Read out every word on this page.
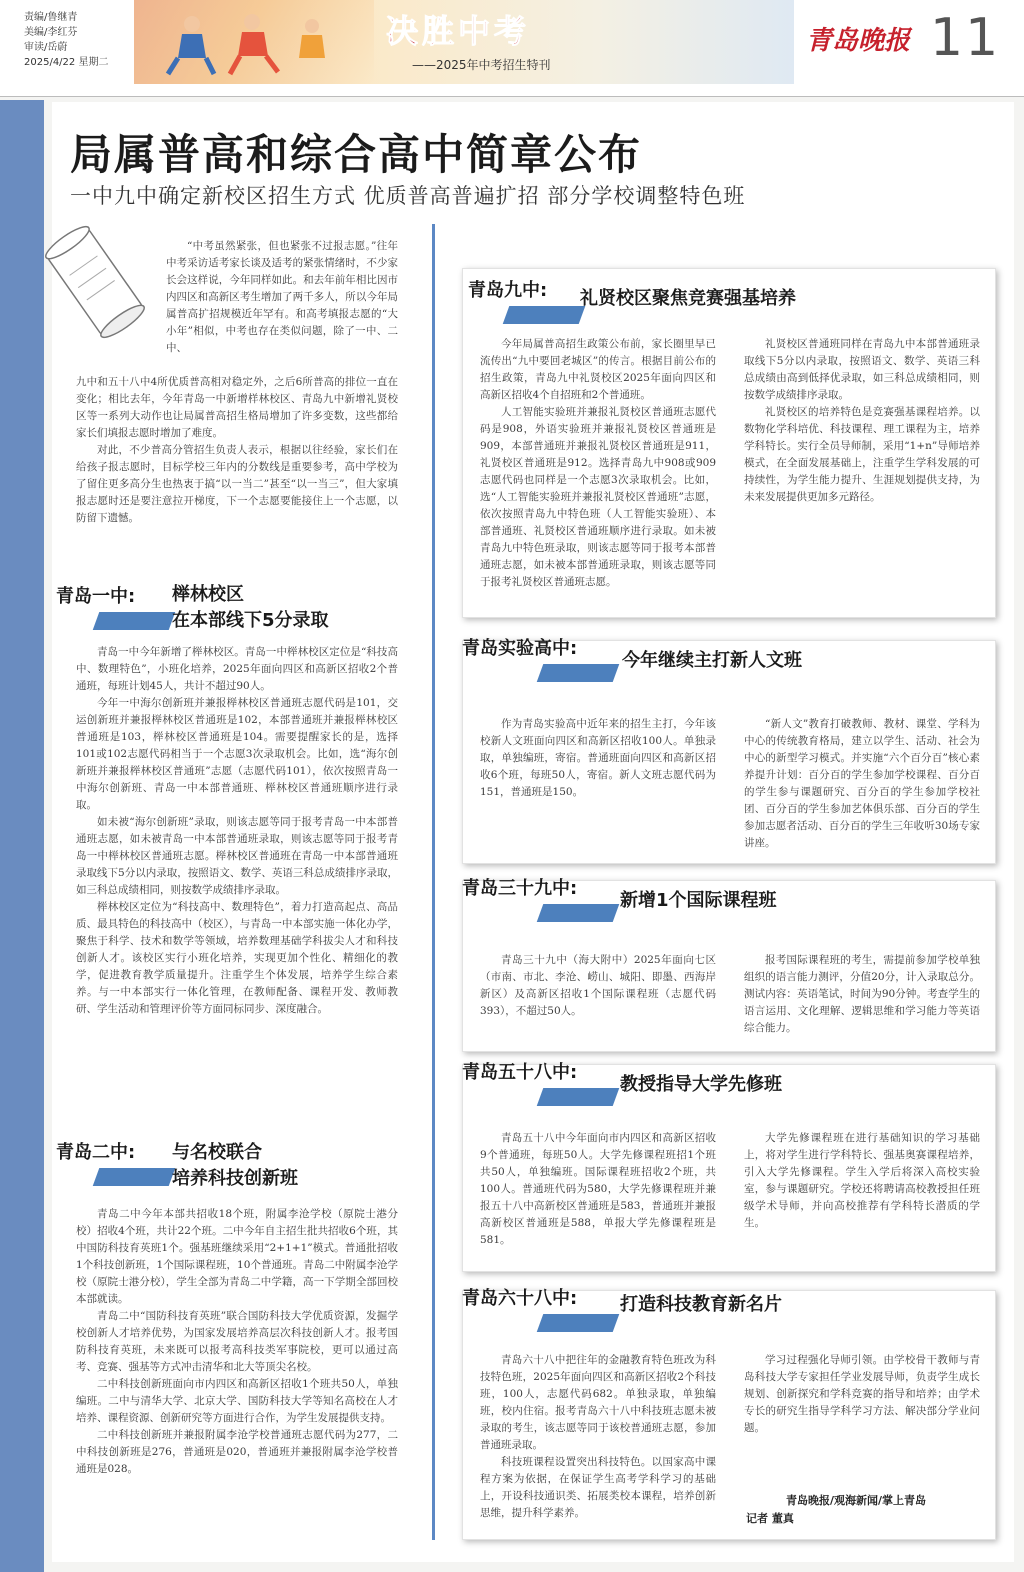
责编/鲁继青
美编/李红芬
审读/岳蔚
2025/4/22 星期二
决胜中考
——2025年中考招生特刊
青岛晚报 11
局属普高和综合高中简章公布
一中九中确定新校区招生方式 优质普高普遍扩招 部分学校调整特色班

“中考虽然紧张，但也紧张不过报志愿。”往年中考采访适考家长谈及适考的紧张情绪时，不少家长会这样说，今年同样如此。和去年前年相比因市内四区和高新区考生增加了两千多人，所以今年局属普高扩招规模近年罕有。和高考填报志愿的“大小年”相似，中考也存在类似问题，除了一中、二中、

九中和五十八中4所优质普高相对稳定外，之后6所普高的排位一直在变化；相比去年，今年青岛一中新增样林校区、青岛九中新增礼贤校区等一系列大动作也让局属普高招生格局增加了许多变数，这些都给家长们填报志愿时增加了难度。

对此，不少普高分管招生负责人表示，根据以往经验，家长们在给孩子报志愿时，目标学校三年内的分数线是重要参考，高中学校为了留住更多高分生也热衷于搞“以一当二”甚至“以一当三”，但大家填报志愿时还是要注意拉开梯度，下一个志愿要能接住上一个志愿，以防留下遗憾。

青岛一中: 榉林校区
在本部线下5分录取

青岛一中今年新增了榉林校区。青岛一中榉林校区定位是“科技高中、数理特色”，小班化培养，2025年面向四区和高新区招收2个普通班，每班计划45人，共计不超过90人。

今年一中海尔创新班并兼报榉林校区普通班志愿代码是101，交运创新班并兼报榉林校区普通班是102，本部普通班并兼报榉林校区普通班是103，榉林校区普通班是104。需要提醒家长的是，选择101或102志愿代码相当于一个志愿3次录取机会。比如，选“海尔创新班并兼报榉林校区普通班”志愿（志愿代码101），依次按照青岛一中海尔创新班、青岛一中本部普通班、榉林校区普通班顺序进行录取。

如未被“海尔创新班”录取，则该志愿等同于报考青岛一中本部普通班志愿，如未被青岛一中本部普通班录取，则该志愿等同于报考青岛一中榉林校区普通班志愿。榉林校区普通班在青岛一中本部普通班录取线下5分以内录取，按照语文、数学、英语三科总成绩排序录取，如三科总成绩相同，则按数学成绩排序录取。

榉林校区定位为“科技高中、数理特色”，着力打造高起点、高品质、最具特色的科技高中（校区），与青岛一中本部实施一体化办学，聚焦于科学、技术和数学等领域，培养数理基础学科拔尖人才和科技创新人才。该校区实行小班化培养，实现更加个性化、精细化的教学，促进教育教学质量提升。注重学生个体发展，培养学生综合素养。与一中本部实行一体化管理，在教师配备、课程开发、教师教研、学生活动和管理评价等方面同标同步、深度融合。

青岛二中: 与名校联合
培养科技创新班

青岛二中今年本部共招收18个班，附属李沧学校（原院士港分校）招收4个班，共计22个班。二中今年自主招生批共招收6个班，其中国防科技育英班1个。强基班继续采用“2+1+1”模式。普通批招收1个科技创新班，1个国际课程班，10个普通班。青岛二中附属李沧学校（原院士港分校），学生全部为青岛二中学籍，高一下学期全部回校本部就读。

青岛二中“国防科技育英班”联合国防科技大学优质资源，发掘学校创新人才培养优势，为国家发展培养高层次科技创新人才。报考国防科技育英班，未来既可以报考高科技类军事院校，更可以通过高考、竞赛、强基等方式冲击清华和北大等顶尖名校。

二中科技创新班面向市内四区和高新区招收1个班共50人，单独编班。二中与清华大学、北京大学、国防科技大学等知名高校在人才培养、课程资源、创新研究等方面进行合作，为学生发展提供支持。

二中科技创新班并兼报附属李沧学校普通班志愿代码为277，二中科技创新班是276，普通班是020，普通班并兼报附属李沧学校普通班是028。

青岛九中: 礼贤校区聚焦竞赛强基培养

今年局属普高招生政策公布前，家长圈里早已流传出“九中要回老城区”的传言。根据目前公布的招生政策，青岛九中礼贤校区2025年面向四区和高新区招收4个自招班和2个普通班。

人工智能实验班并兼报礼贤校区普通班志愿代码是908，外语实验班并兼报礼贤校区普通班是909，本部普通班并兼报礼贤校区普通班是911，礼贤校区普通班是912。选择青岛九中908或909志愿代码也同样是一个志愿3次录取机会。比如，选“人工智能实验班并兼报礼贤校区普通班”志愿，依次按照青岛九中特色班（人工智能实验班）、本部普通班、礼贤校区普通班顺序进行录取。如未被青岛九中特色班录取，则该志愿等同于报考本部普通班志愿，如未被本部普通班录取，则该志愿等同于报考礼贤校区普通班志愿。

礼贤校区普通班同样在青岛九中本部普通班录取线下5分以内录取，按照语文、数学、英语三科总成绩由高到低择优录取，如三科总成绩相同，则按数学成绩排序录取。

礼贤校区的培养特色是竞赛强基课程培养。以数物化学科培优、科技课程、理工课程为主，培养学科特长。实行全员导师制，采用“1+n”导师培养模式，在全面发展基础上，注重学生学科发展的可持续性，为学生能力提升、生涯规划提供支持，为未来发展提供更加多元路径。

青岛实验高中:
今年继续主打新人文班

作为青岛实验高中近年来的招生主打，今年该校新人文班面向四区和高新区招收100人。单独录取，单独编班，寄宿。普通班面向四区和高新区招收6个班，每班50人，寄宿。新人文班志愿代码为151，普通班是150。

“新人文”教育打破教师、教材、课堂、学科为中心的传统教育格局，建立以学生、活动、社会为中心的新型学习模式。并实施“六个百分百”核心素养提升计划：百分百的学生参加学校课程、百分百的学生参与课题研究、百分百的学生参加学校社团、百分百的学生参加艺体俱乐部、百分百的学生参加志愿者活动、百分百的学生三年收听30场专家讲座。

青岛三十九中:
新增1个国际课程班

青岛三十九中（海大附中）2025年面向七区（市南、市北、李沧、崂山、城阳、即墨、西海岸新区）及高新区招收1个国际课程班（志愿代码393），不超过50人。

报考国际课程班的考生，需提前参加学校单独组织的语言能力测评，分值20分，计入录取总分。测试内容：英语笔试，时间为90分钟。考查学生的语言运用、文化理解、逻辑思维和学习能力等英语综合能力。

青岛五十八中:
教授指导大学先修班

青岛五十八中今年面向市内四区和高新区招收9个普通班，每班50人。大学先修课程班招1个班共50人，单独编班。国际课程班招收2个班，共100人。普通班代码为580，大学先修课程班并兼报五十八中高新校区普通班是583，普通班并兼报高新校区普通班是588，单报大学先修课程班是581。

大学先修课程班在进行基础知识的学习基础上，将对学生进行学科特长、强基奥赛课程培养，引入大学先修课程。学生入学后将深入高校实验室，参与课题研究。学校还将聘请高校教授担任班级学术导师，并向高校推荐有学科特长潜质的学生。

青岛六十八中: 打造科技教育新名片

青岛六十八中把往年的金融教育特色班改为科技特色班，2025年面向四区和高新区招收2个科技班，100人，志愿代码682。单独录取，单独编班，校内住宿。报考青岛六十八中科技班志愿未被录取的考生，该志愿等同于该校普通班志愿，参加普通班录取。

科技班课程设置突出科技特色。以国家高中课程方案为依据，在保证学生高考学科学习的基础上，开设科技通识类、拓展类校本课程，培养创新思维，提升科学素养。

学习过程强化导师引领。由学校骨干教师与青岛科技大学专家担任学业发展导师，负责学生成长规划、创新探究和学科竞赛的指导和培养；由学术专长的研究生指导学科学习方法、解决部分学业问题。

青岛晚报/观海新闻/掌上青岛
记者 董真
